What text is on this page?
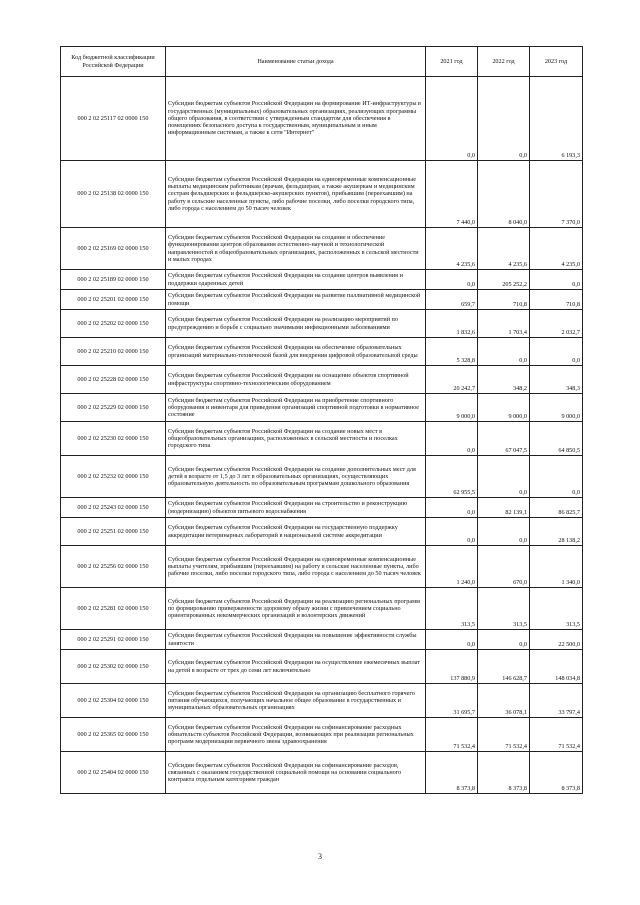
Код бюджетной классификации Российской Федерации	Наименование статьи дохода	2021 год	2022 год	2023 год
000 2 02 25117 02 0000 150	Субсидии бюджетам субъектов Российской Федерации на формирование ИТ-инфраструктуры в государственных (муниципальных) образовательных организациях, реализующих программы общего образования, в соответствии с утвержденным стандартом для обеспечения в помещениях безопасного доступа к государственным, муниципальным и иным информационным системам, а также к сети "Интернет"	0,0	0,0	6 193,3
000 2 02 25138 02 0000 150	Субсидии бюджетам субъектов Российской Федерации на единовременные компенсационные выплаты медицинским работникам (врачам, фельдшерам, а также акушеркам и медицинским сестрам фельдшерских и фельдшерско-акушерских пунктов), прибывшим (переехавшим) на работу в сельские населенные пункты, либо рабочие поселки, либо поселки городского типа, либо города с населением до 50 тысяч человек	7 440,0	8 040,0	7 370,0
000 2 02 25169 02 0000 150	Субсидии бюджетам субъектов Российской Федерации на создание и обеспечение функционирования центров образования естественно-научной и технологической направленностей в общеобразовательных организациях, расположенных в сельской местности и малых городах	4 235,6	4 235,6	4 235,0
000 2 02 25189 02 0000 150	Субсидии бюджетам субъектов Российской Федерации на создание центров выявления и поддержки одаренных детей	0,0	205 252,2	0,0
000 2 02 25201 02 0000 150	Субсидии бюджетам субъектов Российской Федерации на развитие паллиативной медицинской помощи	659,7	710,8	710,8
000 2 02 25202 02 0000 150	Субсидии бюджетам субъектов Российской Федерации на реализацию мероприятий по предупреждению и борьбе с социально значимыми инфекционными заболеваниями	1 832,6	1 703,4	2 032,7
000 2 02 25210 02 0000 150	Субсидии бюджетам субъектов Российской Федерации на обеспечение образовательных организаций материально-технической базой для внедрения цифровой образовательной среды	5 328,8	0,0	0,0
000 2 02 25228 02 0000 150	Субсидии бюджетам субъектов Российской Федерации на оснащение объектов спортивной инфраструктуры спортивно-технологическим оборудованием	20 242,7	348,2	348,3
000 2 02 25229 02 0000 150	Субсидии бюджетам субъектов Российской Федерации на приобретение спортивного оборудования и инвентаря для приведения организаций спортивной подготовки в нормативное состояние	9 000,0	9 000,0	9 000,0
000 2 02 25230 02 0000 150	Субсидии бюджетам субъектов Российской Федерации на создание новых мест в общеобразовательных организациях, расположенных в сельской местности и поселках городского типа	0,0	67 047,5	64 850,5
000 2 02 25232 02 0000 150	Субсидии бюджетам субъектов Российской Федерации на создание дополнительных мест для детей в возрасте от 1,5 до 3 лет в образовательных организациях, осуществляющих образовательную деятельность по образовательным программам дошкольного образования	62 955,5	0,0	0,0
000 2 02 25243 02 0000 150	Субсидии бюджетам субъектов Российской Федерации на строительство и реконструкцию (модернизацию) объектов питьевого водоснабжения	0,0	82 139,1	86 825,7
000 2 02 25251 02 0000 150	Субсидии бюджетам субъектов Российской Федерации на государственную поддержку аккредитации ветеринарных лабораторий в национальной системе аккредитации	0,0	0,0	28 138,2
000 2 02 25256 02 0000 150	Субсидии бюджетам субъектов Российской Федерации на единовременные компенсационные выплаты учителям, прибывшим (переехавшим) на работу в сельские населенные пункты, либо рабочие поселки, либо поселки городского типа, либо города с населением до 50 тысяч человек	1 240,0	670,0	1 340,0
000 2 02 25281 02 0000 150	Субсидии бюджетам субъектов Российской Федерации на реализацию региональных программ по формированию приверженности здоровому образу жизни с привлечением социально ориентированных некоммерческих организаций и волонтерских движений	313,5	313,5	313,5
000 2 02 25291 02 0000 150	Субсидии бюджетам субъектов Российской Федерации на повышение эффективности службы занятости	0,0	0,0	22 500,0
000 2 02 25302 02 0000 150	Субсидии бюджетам субъектов Российской Федерации на осуществление ежемесячных выплат на детей в возрасте от трех до семи лет включительно	137 880,9	146 628,7	148 034,8
000 2 02 25304 02 0000 150	Субсидии бюджетам субъектов Российской Федерации на организацию бесплатного горячего питания обучающихся, получающих начальное общее образование в государственных и муниципальных образовательных организациях	31 695,7	36 078,1	33 797,4
000 2 02 25365 02 0000 150	Субсидии бюджетам субъектов Российской Федерации на софинансирование расходных обязательств субъектов Российской Федерации, возникающих при реализации региональных программ модернизации первичного звена здравоохранения	71 532,4	71 532,4	71 532,4
000 2 02 25404 02 0000 150	Субсидии бюджетам субъектов Российской Федерации на софинансирование расходов, связанных с оказанием государственной социальной помощи на основании социального контракта отдельным категориям граждан	8 373,8	8 373,8	8 373,8
3
